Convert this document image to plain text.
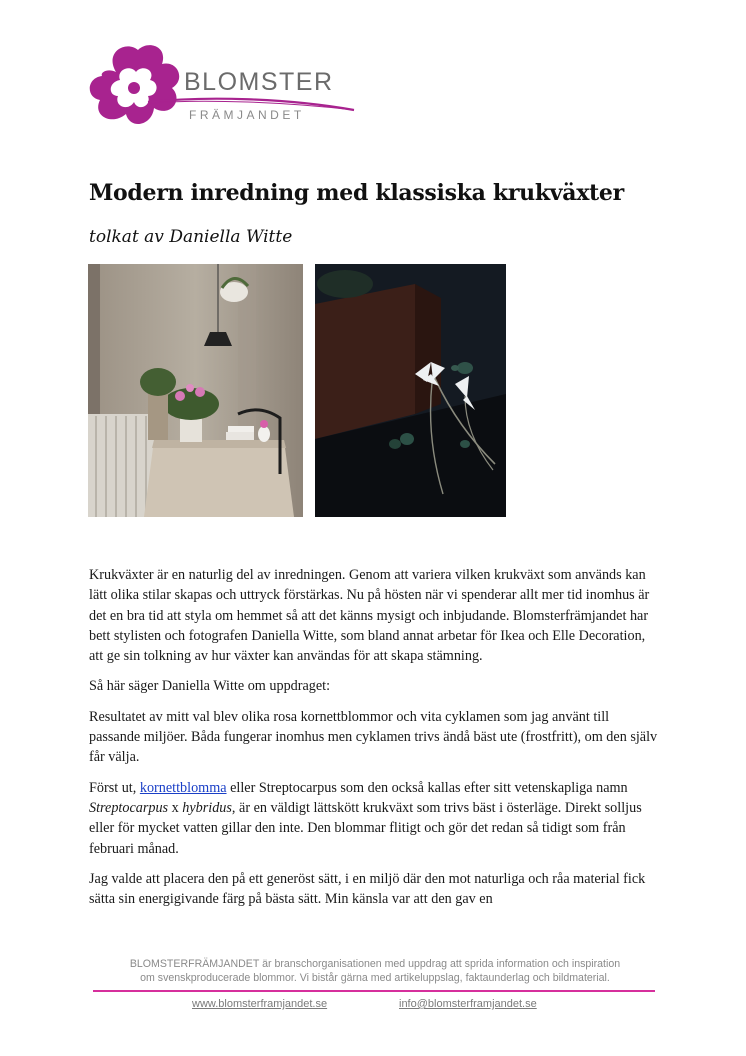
BLOMSTER
FRÄMJANDET
Modern inredning med klassiska krukväxter
tolkat av Daniella Witte

Krukväxter är en naturlig del av inredningen. Genom att variera vilken krukväxt som används kan lätt olika stilar skapas och uttryck förstärkas. Nu på hösten när vi spenderar allt mer tid inomhus är det en bra tid att styla om hemmet så att det känns mysigt och inbjudande. Blomsterfrämjandet har bett stylisten och fotografen Daniella Witte, som bland annat arbetar för Ikea och Elle Decoration, att ge sin tolkning av hur växter kan användas för att skapa stämning.

Så här säger Daniella Witte om uppdraget:

Resultatet av mitt val blev olika rosa kornettblommor och vita cyklamen som jag använt till passande miljöer. Båda fungerar inomhus men cyklamen trivs ändå bäst ute (frostfritt), om den själv får välja.

Först ut, kornettblomma eller Streptocarpus som den också kallas efter sitt vetenskapliga namn Streptocarpus x hybridus, är en väldigt lättskött krukväxt som trivs bäst i österläge. Direkt solljus eller för mycket vatten gillar den inte. Den blommar flitigt och gör det redan så tidigt som från februari månad.

Jag valde att placera den på ett generöst sätt, i en miljö där den mot naturliga och råa material fick sätta sin energigivande färg på bästa sätt. Min känsla var att den gav en

BLOMSTERFRÄMJANDET är branschorganisationen med uppdrag att sprida information och inspiration
om svenskproducerade blommor. Vi bistår gärna med artikeluppslag, faktaunderlag och bildmaterial.
www.blomsterframjandet.se	info@blomsterframjandet.se
